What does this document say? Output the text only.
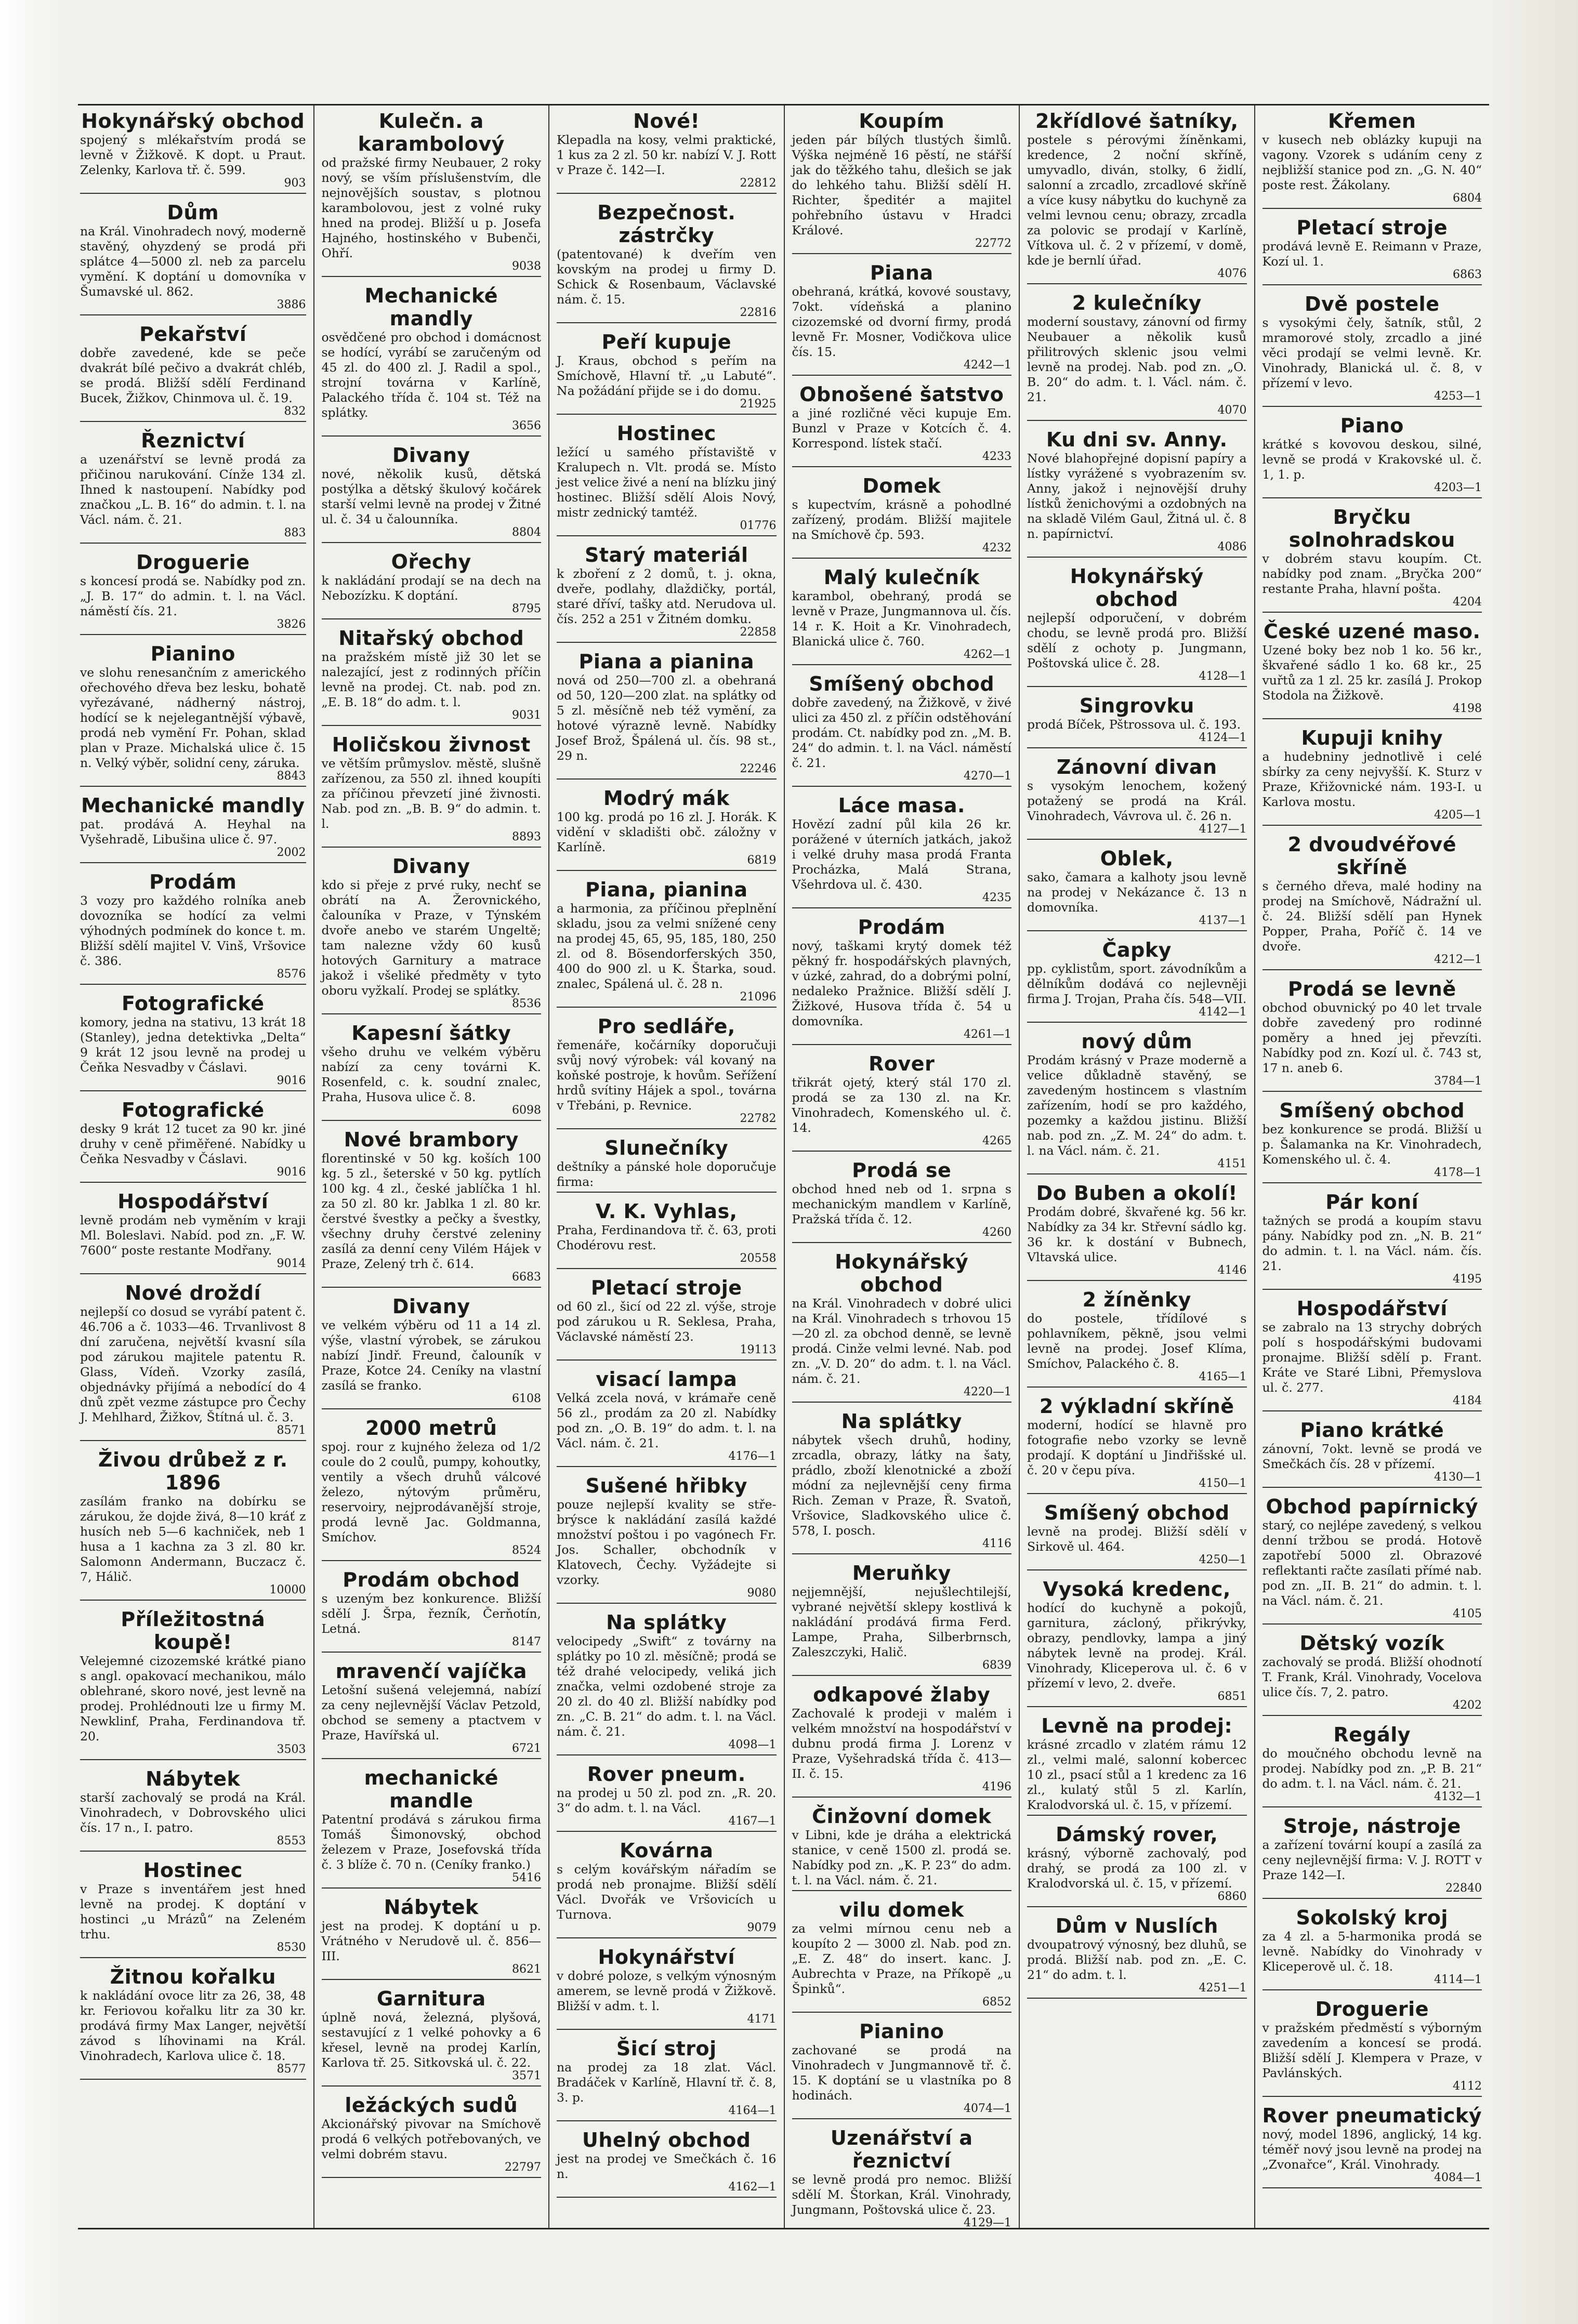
Hokynářský obchod
spojený s mlékařstvím prodá se levně v Žižkově. K dopt. u Praut. Zelenky, Karlova tř. č. 599.
903
Dům
na Král. Vinohradech nový, moderně stavěný, ohyzdený se prodá při splátce 4—5000 zl. neb za parcelu vymění. K doptání u domovníka v Šumavské ul. 862.
3886
Pekařství
dobře zavedené, kde se peče dvakrát bílé pečivo a dvakrát chléb, se prodá. Bližší sdělí Ferdinand Bucek, Žižkov, Chinmova ul. č. 19.
832
Řeznictví
a uzenářství se levně prodá za přičinou narukování. Cínže 134 zl. Ihned k nastoupení. Nabídky pod značkou „L. B. 16“ do admin. t. l. na Václ. nám. č. 21.
883
Droguerie
s koncesí prodá se. Nabídky pod zn. „J. B. 17“ do admin. t. l. na Václ. náměstí čís. 21.
3826
Pianino
ve slohu renesančním z amerického ořechového dřeva bez lesku, bohatě vyřezávané, nádherný nástroj, hodící se k nejelegantnější výbavě, prodá neb vymění Fr. Pohan, sklad plan v Praze. Michalská ulice č. 15 n. Velký výběr, solidní ceny, záruka.
8843
Mechanické mandly
pat. prodává A. Heyhal na Vyšehradě, Libušina ulice č. 97.
2002
Prodám
3 vozy pro každého rolníka aneb dovozníka se hodící za velmi výhodných podmínek do konce t. m. Bližší sdělí majitel V. Vinš, Vršovice č. 386.
8576
Fotografické
komory, jedna na stativu, 13 krát 18 (Stanley), jedna detektivka „Delta“ 9 krát 12 jsou levně na prodej u Čeňka Nesvadby v Čáslavi.
9016
Fotografické
desky 9 krát 12 tucet za 90 kr. jiné druhy v ceně přiměřené. Nabídky u Čeňka Nesvadby v Čáslavi.
9016
Hospodářství
levně prodám neb vyměním v kraji Ml. Boleslavi. Nabíd. pod zn. „F. W. 7600“ poste restante Modřany.
9014
Nové droždí
nejlepší co dosud se vyrábí patent č. 46.706 a č. 1033—46. Trvanlivost 8 dní zaručena, největší kvasní síla pod zárukou majitele patentu R. Glass, Vídeň. Vzorky zasílá, objednávky přijímá a nebodící do 4 dnů zpět vezme zástupce pro Čechy J. Mehlhard, Žižkov, Štítná ul. č. 3.
8571
Živou drůbež z r. 1896
zasílám franko na dobírku se zárukou, že dojde živá, 8—10 kráť z husích neb 5—6 kachniček, neb 1 husa a 1 kachna za 3 zl. 80 kr. Salomonn Andermann, Buczacz č. 7, Hálič.
10000
Příležitostná koupě!
Velejemné cizozemské krátké piano s angl. opakovací mechanikou, málo oblehrané, skoro nové, jest levně na prodej. Prohlédnouti lze u firmy M. Newklinf, Praha, Ferdinandova tř. 20.
3503
Nábytek
starší zachovalý se prodá na Král. Vinohradech, v Dobrovského ulici čís. 17 n., I. patro.
8553
Hostinec
v Praze s inventářem jest hned levně na prodej. K doptání v hostinci „u Mrázů“ na Zeleném trhu.
8530
Žitnou kořalku
k nakládání ovoce litr za 26, 38, 48 kr. Feriovou kořalku litr za 30 kr. prodává firmy Max Langer, největší závod s líhovinami na Král. Vinohradech, Karlova ulice č. 18.
8577
Kulečn. a karambolový
od pražské firmy Neubauer, 2 roky nový, se vším příslušenstvím, dle nejnovějších soustav, s plotnou karambolovou, jest z volné ruky hned na prodej. Bližší u p. Josefa Hajného, hostinského v Bubenči, Ohří.
9038
Mechanické mandly
osvědčené pro obchod i domácnost se hodící, vyrábí se zaručeným od 45 zl. do 400 zl. J. Radil a spol., strojní továrna v Karlíně, Palackého třída č. 104 st. Též na splátky.
3656
Divany
nové, několik kusů, dětská postýlka a dětský škulový kočárek starší velmi levně na prodej v Žitné ul. č. 34 u čalounníka.
8804
Ořechy
k nakládání prodají se na dech na Nebozízku. K doptání.
8795
Nitařský obchod
na pražském místě již 30 let se nalezající, jest z rodinných příčin levně na prodej. Ct. nab. pod zn. „E. B. 18“ do adm. t. l.
9031
Holičskou živnost
ve větším průmyslov. městě, slušně zařízenou, za 550 zl. ihned koupíti za příčinou převzetí jiné živnosti. Nab. pod zn. „B. B. 9“ do admin. t. l.
8893
Divany
kdo si přeje z prvé ruky, nechť se obrátí na A. Žerovnického, čalouníka v Praze, v Týnském dvoře anebo ve starém Ungeltě; tam nalezne vždy 60 kusů hotových Garnitury a matrace jakož i všeliké předměty v tyto oboru vyžkalí. Prodej se splátky.
8536
Kapesní šátky
všeho druhu ve velkém výběru nabízí za ceny továrni K. Rosenfeld, c. k. soudní znalec, Praha, Husova ulice č. 8.
6098
Nové brambory
florentinské v 50 kg. koších 100 kg. 5 zl., šeterské v 50 kg. pytlích 100 kg. 4 zl., české jablíčka 1 hl. za 50 zl. 80 kr. Jablka 1 zl. 80 kr. čerstvé švestky a pečky a švestky, všechny druhy čerstvé zeleniny zasílá za denní ceny Vilém Hájek v Praze, Zelený trh č. 614.
6683
Divany
ve velkém výběru od 11 a 14 zl. výše, vlastní výrobek, se zárukou nabízí Jindř. Freund, čalouník v Praze, Kotce 24. Ceníky na vlastní zasílá se franko.
6108
2000 metrů
spoj. rour z kujného železa od 1/2 coule do 2 coulů, pumpy, kohoutky, ventily a všech druhů válcové železo, nýtovým průměru, reservoiry, nejprodávanější stroje, prodá levně Jac. Goldmanna, Smíchov.
8524
Prodám obchod
s uzeným bez konkurence. Bližší sdělí J. Šrpa, řezník, Čerňotín, Letná.
8147
mravenčí vajíčka
Letošní sušená velejemná, nabízí za ceny nejlevnější Václav Petzold, obchod se semeny a ptactvem v Praze, Havířská ul.
6721
mechanické mandle
Patentní prodává s zárukou firma Tomáš Šimonovský, obchod železem v Praze, Josefovská třída č. 3 blíže č. 70 n. (Ceníky franko.)
5416
Nábytek
jest na prodej. K doptání u p. Vrátného v Nerudově ul. č. 856—III.
8621
Garnitura
úplně nová, železná, plyšová, sestavující z 1 velké pohovky a 6 křesel, levně na prodej Karlín, Karlova tř. 25. Sitkovská ul. č. 22.
3571
ležáckých sudů
Akcionářský pivovar na Smíchově prodá 6 velkých potřebovaných, ve velmi dobrém stavu.
22797
Nové!
Klepadla na kosy, velmi praktické, 1 kus za 2 zl. 50 kr. nabízí V. J. Rott v Praze č. 142—I.
22812
Bezpečnost. zástrčky
(patentované) k dveřím ven kovským na prodej u firmy D. Schick & Rosenbaum, Václavské nám. č. 15.
22816
Peří kupuje
J. Kraus, obchod s peřím na Smíchově, Hlavní tř. „u Labuté“. Na požádání přijde se i do domu.
21925
Hostinec
ležící u samého přístaviště v Kralupech n. Vlt. prodá se. Místo jest velice živé a není na blízku jiný hostinec. Bližší sdělí Alois Nový, mistr zednický tamtéž.
01776
Starý materiál
k zboření z 2 domů, t. j. okna, dveře, podlahy, dlaždičky, portál, staré dříví, tašky atd. Nerudova ul. čís. 252 a 251 v Žitném domku.
22858
Piana a pianina
nová od 250—700 zl. a obehraná od 50, 120—200 zlat. na splátky od 5 zl. měsíčně neb též vymění, za hotové výrazně levně. Nabídky Josef Brož, Špálená ul. čís. 98 st., 29 n.
22246
Modrý mák
100 kg. prodá po 16 zl. J. Horák. K vidění v skladišti obč. záložny v Karlíně.
6819
Piana, pianina
a harmonia, za příčinou přeplnění skladu, jsou za velmi snížené ceny na prodej 45, 65, 95, 185, 180, 250 zl. od 8. Bösendorferských 350, 400 do 900 zl. u K. Štarka, soud. znalec, Spálená ul. č. 28 n.
21096
Pro sedláře,
řemenáře, kočárníky doporučuji svůj nový výrobek: vál kovaný na koňské postroje, k hovům. Seřížení hrdů svítiny Hájek a spol., továrna v Třebáni, p. Revnice.
22782
Slunečníky
deštníky a pánské hole doporučuje firma:
V. K. Vyhlas,
Praha, Ferdinandova tř. č. 63, proti Chodérovu rest.
20558
Pletací stroje
od 60 zl., šicí od 22 zl. výše, stroje pod zárukou u R. Seklesa, Praha, Václavské náměstí 23.
19113
visací lampa
Velká zcela nová, v krámaře ceně 56 zl., prodám za 20 zl. Nabídky pod zn. „O. B. 19“ do adm. t. l. na Václ. nám. č. 21.
4176—1
Sušené hřibky
pouze nejlepší kvality se stře-brýsce k nakládání zasílá každé množství poštou i po vagónech Fr. Jos. Schaller, obchodník v Klatovech, Čechy. Vyžádejte si vzorky.
9080
Na splátky
velocipedy „Swift“ z továrny na splátky po 10 zl. měsíčně; prodá se též drahé velocipedy, veliká jich značka, velmi ozdobené stroje za 20 zl. do 40 zl. Bližší nabídky pod zn. „C. B. 21“ do adm. t. l. na Václ. nám. č. 21.
4098—1
Rover pneum.
na prodej u 50 zl. pod zn. „R. 20. 3“ do adm. t. l. na Václ.
4167—1
Kovárna
s celým kovářským nářadím se prodá neb pronajme. Bližší sdělí Václ. Dvořák ve Vršovicích u Turnova.
9079
Hokynářství
v dobré poloze, s velkým výnosným amerem, se levně prodá v Žižkově. Bližší v adm. t. l.
4171
Šicí stroj
na prodej za 18 zlat. Václ. Bradáček v Karlíně, Hlavní tř. č. 8, 3. p.
4164—1
Uhelný obchod
jest na prodej ve Smečkách č. 16 n.
4162—1
Koupím
jeden pár bílých tlustých šimlů. Výška nejméně 16 pěstí, ne stářší jak do těžkého tahu, dlešich se jak do lehkého tahu. Bližší sdělí H. Richter, špeditér a majitel pohřebního ústavu v Hradci Králové.
22772
Piana
obehraná, krátká, kovové soustavy, 7okt. vídeňská a planino cizozemské od dvorní firmy, prodá levně Fr. Mosner, Vodičkova ulice čís. 15.
4242—1
Obnošené šatstvo
a jiné rozličné věci kupuje Em. Bunzl v Praze v Kotcích č. 4. Korrespond. lístek stačí.
4233
Domek
s kupectvím, krásně a pohodlné zařízený, prodám. Bližší majitele na Smíchově čp. 593.
4232
Malý kulečník
karambol, obehraný, prodá se levně v Praze, Jungmannova ul. čís. 14 r. K. Hoit a Kr. Vinohradech, Blanická ulice č. 760.
4262—1
Smíšený obchod
dobře zavedený, na Žižkově, v živé ulici za 450 zl. z příčin odstěhování prodám. Ct. nabídky pod zn. „M. B. 24“ do admin. t. l. na Václ. náměstí č. 21.
4270—1
Láce masa.
Hovězí zadní půl kila 26 kr. porážené v úterních jatkách, jakož i velké druhy masa prodá Franta Procházka, Malá Strana, Všehrdova ul. č. 430.
4235
Prodám
nový, taškami krytý domek též pěkný fr. hospodářských plavných, v úzké, zahrad, do a dobrými polní, nedaleko Pražnice. Bližší sdělí J. Žižkové, Husova třída č. 54 u domovníka.
4261—1
Rover
třikrát ojetý, který stál 170 zl. prodá se za 130 zl. na Kr. Vinohradech, Komenského ul. č. 14.
4265
Prodá se
obchod hned neb od 1. srpna s mechanickým mandlem v Karlíně, Pražská třída č. 12.
4260
Hokynářský obchod
na Král. Vinohradech v dobré ulici na Král. Vinohradech s trhovou 15—20 zl. za obchod denně, se levně prodá. Cinže velmi levné. Nab. pod zn. „V. D. 20“ do adm. t. l. na Václ. nám. č. 21.
4220—1
Na splátky
nábytek všech druhů, hodiny, zrcadla, obrazy, látky na šaty, prádlo, zboží klenotnické a zboží módní za nejlevnější ceny firma Rich. Zeman v Praze, Ř. Svatoň, Vršovice, Sladkovského ulice č. 578, I. posch.
4116
Meruňky
nejjemnější, nejušlechtilejší, vybrané největší sklepy kostlivá k nakládání prodává firma Ferd. Lampe, Praha, Silberbrnsch, Zaleszczyki, Halič.
6839
odkapové žlaby
Zachovalé k prodeji v malém i velkém množství na hospodářství v dubnu prodá firma J. Lorenz v Praze, Vyšehradská třída č. 413—II. č. 15.
4196
Činžovní domek
v Libni, kde je dráha a elektrická stanice, v ceně 1500 zl. prodá se. Nabídky pod zn. „K. P. 23“ do adm. t. l. na Václ. nám. č. 21.
vilu domek
za velmi mírnou cenu neb a koupíto 2 — 3000 zl. Nab. pod zn. „E. Z. 48“ do insert. kanc. J. Aubrechta v Praze, na Příkopě „u Špinků“.
6852
Pianino
zachované se prodá na Vinohradech v Jungmannově tř. č. 15. K doptání se u vlastníka po 8 hodinách.
4074—1
Uzenářství a řeznictví
se levně prodá pro nemoc. Bližší sdělí M. Štorkan, Král. Vinohrady, Jungmann, Poštovská ulice č. 23.
4129—1
2křídlové šatníky,
postele s pérovými žíněnkami, kredence, 2 noční skříně, umyvadlo, diván, stolky, 6 židlí, salonní a zrcadlo, zrcadlové skříně a více kusy nábytku do kuchyně za velmi levnou cenu; obrazy, zrcadla za polovic se prodají v Karlíně, Vítkova ul. č. 2 v přízemí, v domě, kde je bernlí úřad.
4076
2 kulečníky
moderní soustavy, zánovní od firmy Neubauer a několik kusů přilitrových sklenic jsou velmi levně na prodej. Nab. pod zn. „O. B. 20“ do adm. t. l. Václ. nám. č. 21.
4070
Ku dni sv. Anny.
Nové blahopřejné dopisní papíry a lístky vyrážené s vyobrazením sv. Anny, jakož i nejnovější druhy lístků ženichovými a ozdobných na na skladě Vilém Gaul, Žitná ul. č. 8 n. papírnictví.
4086
Hokynářský obchod
nejlepší odporučení, v dobrém chodu, se levně prodá pro. Bližší sdělí z ochoty p. Jungmann, Poštovská ulice č. 28.
4128—1
Singrovku
prodá Bíček, Pštrossova ul. č. 193.
4124—1
Zánovní divan
s vysokým lenochem, kožený potažený se prodá na Král. Vinohradech, Vávrova ul. č. 26 n.
4127—1
Oblek,
sako, čamara a kalhoty jsou levně na prodej v Nekázance č. 13 n domovníka.
4137—1
Čapky
pp. cyklistům, sport. závodníkům a dělníkům dodává co nejlevněji firma J. Trojan, Praha čís. 548—VII.
4142—1
nový dům
Prodám krásný v Praze moderně a velice důkladně stavěný, se zavedeným hostincem s vlastním zařízením, hodí se pro každého, pozemky a každou jistinu. Bližší nab. pod zn. „Z. M. 24“ do adm. t. l. na Václ. nám. č. 21.
4151
Do Buben a okolí!
Prodám dobré, škvařené kg. 56 kr. Nabídky za 34 kr. Střevní sádlo kg. 36 kr. k dostání v Bubnech, Vltavská ulice.
4146
2 žíněnky
do postele, třídílové s pohlavníkem, pěkně, jsou velmi levně na prodej. Josef Klíma, Smíchov, Palackého č. 8.
4165—1
2 výkladní skříně
moderní, hodící se hlavně pro fotografie nebo vzorky se levně prodají. K doptání u Jindřišské ul. č. 20 v čepu píva.
4150—1
Smíšený obchod
levně na prodej. Bližší sdělí v Sirkově ul. 464.
4250—1
Vysoká kredenc,
hodící do kuchyně a pokojů, garnitura, zácloný, přikrývky, obrazy, pendlovky, lampa a jiný nábytek levně na prodej. Král. Vinohrady, Kliceperova ul. č. 6 v přízemí v levo, 2. dveře.
6851
Levně na prodej:
krásné zrcadlo v zlatém rámu 12 zl., velmi malé, salonní kobercec 10 zl., psací stůl a 1 kredenc za 16 zl., kulatý stůl 5 zl. Karlín, Kralodvorská ul. č. 15, v přízemí.
Dámský rover,
krásný, výborně zachovalý, pod drahý, se prodá za 100 zl. v Kralodvorská ul. č. 15, v přízemí.
6860
Dům v Nuslích
dvoupatrový výnosný, bez dluhů, se prodá. Bližší nab. pod zn. „E. C. 21“ do adm. t. l.
4251—1
Křemen
v kusech neb oblázky kupuji na vagony. Vzorek s udáním ceny z nejbližší stanice pod zn. „G. N. 40“ poste rest. Žákolany.
6804
Pletací stroje
prodává levně E. Reimann v Praze, Kozí ul. 1.
6863
Dvě postele
s vysokými čely, šatník, stůl, 2 mramorové stoly, zrcadlo a jiné věci prodají se velmi levně. Kr. Vinohrady, Blanická ul. č. 8, v přízemí v levo.
4253—1
Piano
krátké s kovovou deskou, silné, levně se prodá v Krakovské ul. č. 1, 1. p.
4203—1
Bryčku solnohradskou
v dobrém stavu koupím. Ct. nabídky pod znam. „Bryčka 200“ restante Praha, hlavní pošta.
4204
České uzené maso.
Uzené boky bez nob 1 ko. 56 kr., škvařené sádlo 1 ko. 68 kr., 25 vuřtů za 1 zl. 25 kr. zasílá J. Prokop Stodola na Žižkově.
4198
Kupuji knihy
a hudebniny jednotlivě i celé sbírky za ceny nejvyšší. K. Sturz v Praze, Křižovnické nám. 193-I. u Karlova mostu.
4205—1
2 dvoudvéřové skříně
s černého dřeva, malé hodiny na prodej na Smíchově, Nádražní ul. č. 24. Bližší sdělí pan Hynek Popper, Praha, Poříč č. 14 ve dvoře.
4212—1
Prodá se levně
obchod obuvnický po 40 let trvale dobře zavedený pro rodinné poměry a hned jej převzíti. Nabídky pod zn. Kozí ul. č. 743 st, 17 n. aneb 6.
3784—1
Smíšený obchod
bez konkurence se prodá. Bližší u p. Šalamanka na Kr. Vinohradech, Komenského ul. č. 4.
4178—1
Pár koní
tažných se prodá a koupím stavu pány. Nabídky pod zn. „N. B. 21“ do admin. t. l. na Václ. nám. čís. 21.
4195
Hospodářství
se zabralo na 13 strychy dobrých polí s hospodářskými budovami pronajme. Bližší sdělí p. Frant. Kráte ve Staré Libni, Přemyslova ul. č. 277.
4184
Piano krátké
zánovní, 7okt. levně se prodá ve Smečkách čís. 28 v přízemí.
4130—1
Obchod papírnický
starý, co nejlépe zavedený, s velkou denní tržbou se prodá. Hotově zapotřebí 5000 zl. Obrazové reflektanti račte zasílati přímé nab. pod zn. „II. B. 21“ do admin. t. l. na Václ. nám. č. 21.
4105
Dětský vozík
zachovalý se prodá. Bližší ohodnotí T. Frank, Král. Vinohrady, Vocelova ulice čís. 7, 2. patro.
4202
Regály
do moučného obchodu levně na prodej. Nabídky pod zn. „P. B. 21“ do adm. t. l. na Václ. nám. č. 21.
4132—1
Stroje, nástroje
a zařízení tovární koupí a zasílá za ceny nejlevnější firma: V. J. ROTT v Praze 142—I.
22840
Sokolský kroj
za 4 zl. a 5-harmonika prodá se levně. Nabídky do Vinohrady v Kliceperově ul. č. 18.
4114—1
Droguerie
v pražském předměstí s výborným zavedením a koncesí se prodá. Bližší sdělí J. Klempera v Praze, v Pavlánských.
4112
Rover pneumatický
nový, model 1896, anglický, 14 kg. téměř nový jsou levně na prodej na „Zvonařce“, Král. Vinohrady.
4084—1
